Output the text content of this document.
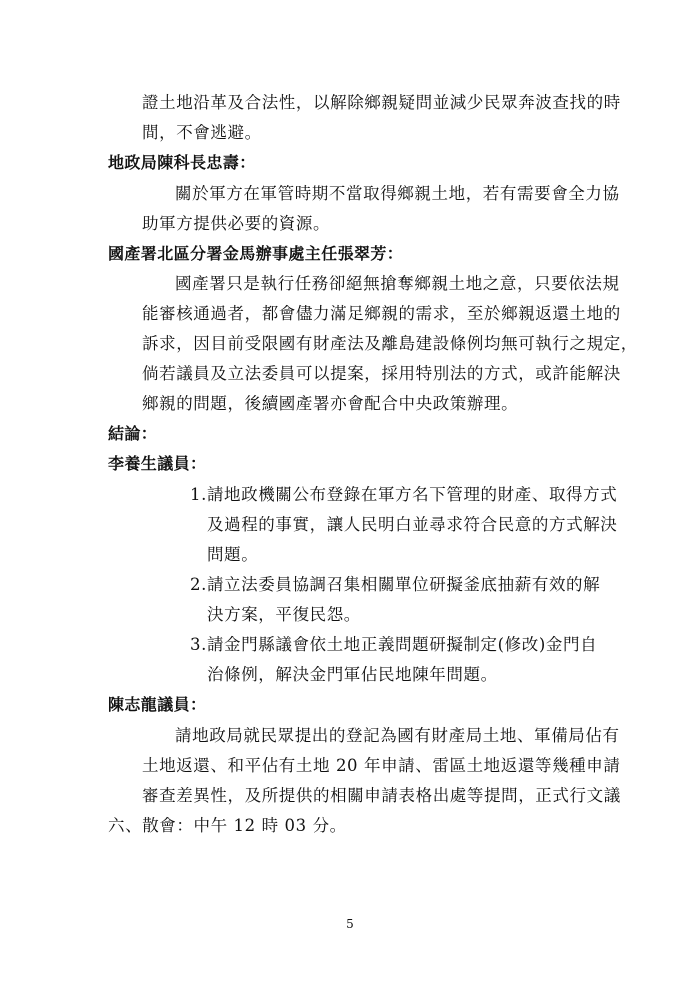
證土地沿革及合法性，以解除鄉親疑問並減少民眾奔波查找的時
間，不會逃避。
地政局陳科長忠壽：
關於軍方在軍管時期不當取得鄉親土地，若有需要會全力協
助軍方提供必要的資源。
國產署北區分署金馬辦事處主任張翠芳：
國產署只是執行任務卻絕無搶奪鄉親土地之意，只要依法規
能審核通過者，都會儘力滿足鄉親的需求，至於鄉親返還土地的
訴求，因目前受限國有財產法及離島建設條例均無可執行之規定，
倘若議員及立法委員可以提案，採用特別法的方式，或許能解決
鄉親的問題，後續國產署亦會配合中央政策辦理。
結論：
李養生議員：
1.請地政機關公布登錄在軍方名下管理的財產、取得方式
及過程的事實，讓人民明白並尋求符合民意的方式解決
問題。
2.請立法委員協調召集相關單位研擬釜底抽薪有效的解
決方案，平復民怨。
3.請金門縣議會依土地正義問題研擬制定(修改)金門自
治條例，解決金門軍佔民地陳年問題。
陳志龍議員：
請地政局就民眾提出的登記為國有財產局土地、軍備局佔有
土地返還、和平佔有土地 20 年申請、雷區土地返還等幾種申請
審查差異性，及所提供的相關申請表格出處等提問，正式行文議
六、散會：中午 12 時 03 分。
5
